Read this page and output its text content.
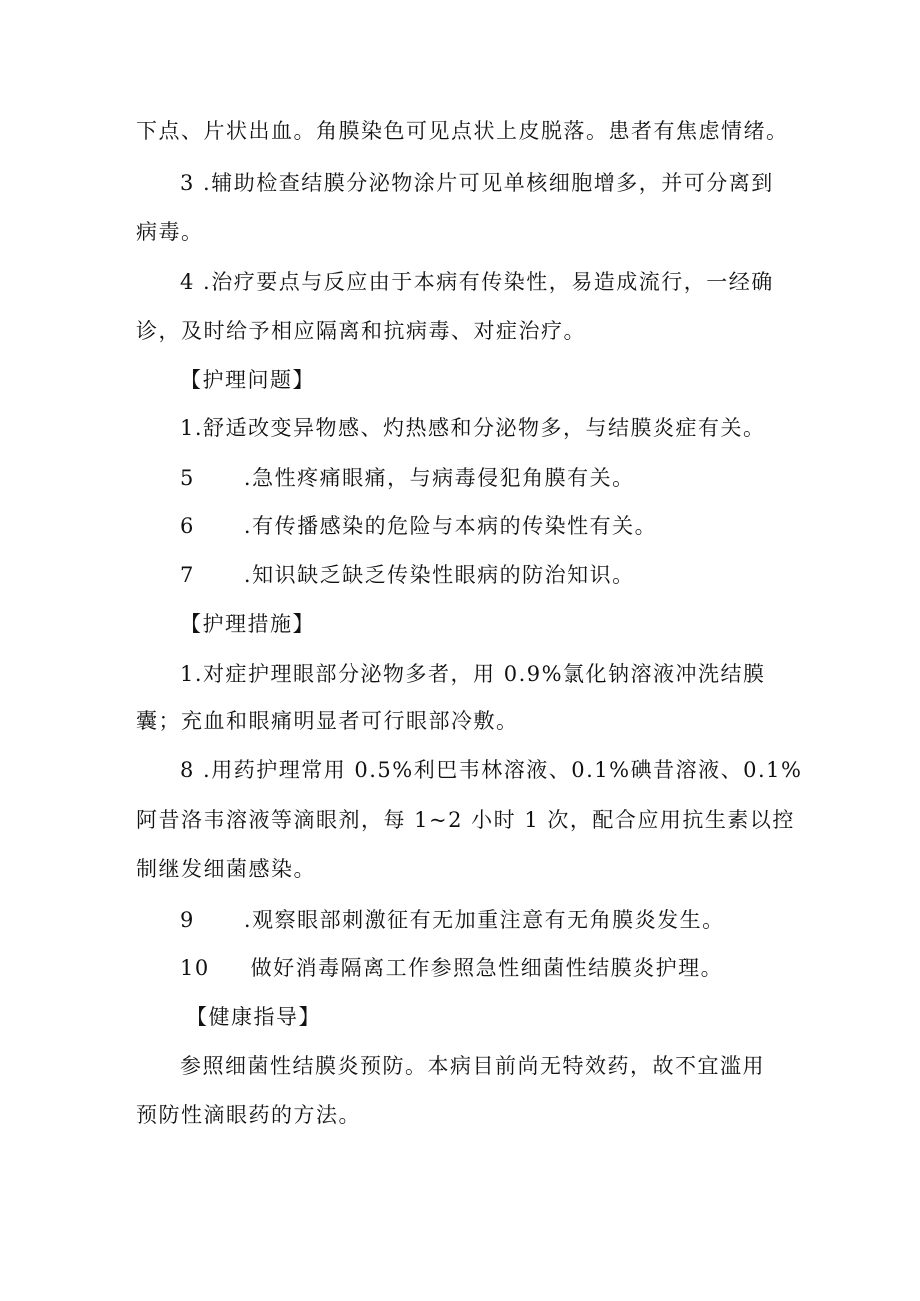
下点、片状出血。角膜染色可见点状上皮脱落。患者有焦虑情绪。
3 .辅助检查结膜分泌物涂片可见单核细胞增多，并可分离到
病毒。
4 .治疗要点与反应由于本病有传染性，易造成流行，一经确
诊，及时给予相应隔离和抗病毒、对症治疗。
【护理问题】
1.舒适改变异物感、灼热感和分泌物多，与结膜炎症有关。
5      .急性疼痛眼痛，与病毒侵犯角膜有关。
6      .有传播感染的危险与本病的传染性有关。
7      .知识缺乏缺乏传染性眼病的防治知识。
【护理措施】
1.对症护理眼部分泌物多者，用 0.9%氯化钠溶液冲洗结膜
囊；充血和眼痛明显者可行眼部冷敷。
8 .用药护理常用 0.5%利巴韦林溶液、0.1%碘昔溶液、0.1%
阿昔洛韦溶液等滴眼剂，每 1~2 小时 1 次，配合应用抗生素以控
制继发细菌感染。
9      .观察眼部刺激征有无加重注意有无角膜炎发生。
10     做好消毒隔离工作参照急性细菌性结膜炎护理。
【健康指导】
参照细菌性结膜炎预防。本病目前尚无特效药，故不宜滥用
预防性滴眼药的方法。
